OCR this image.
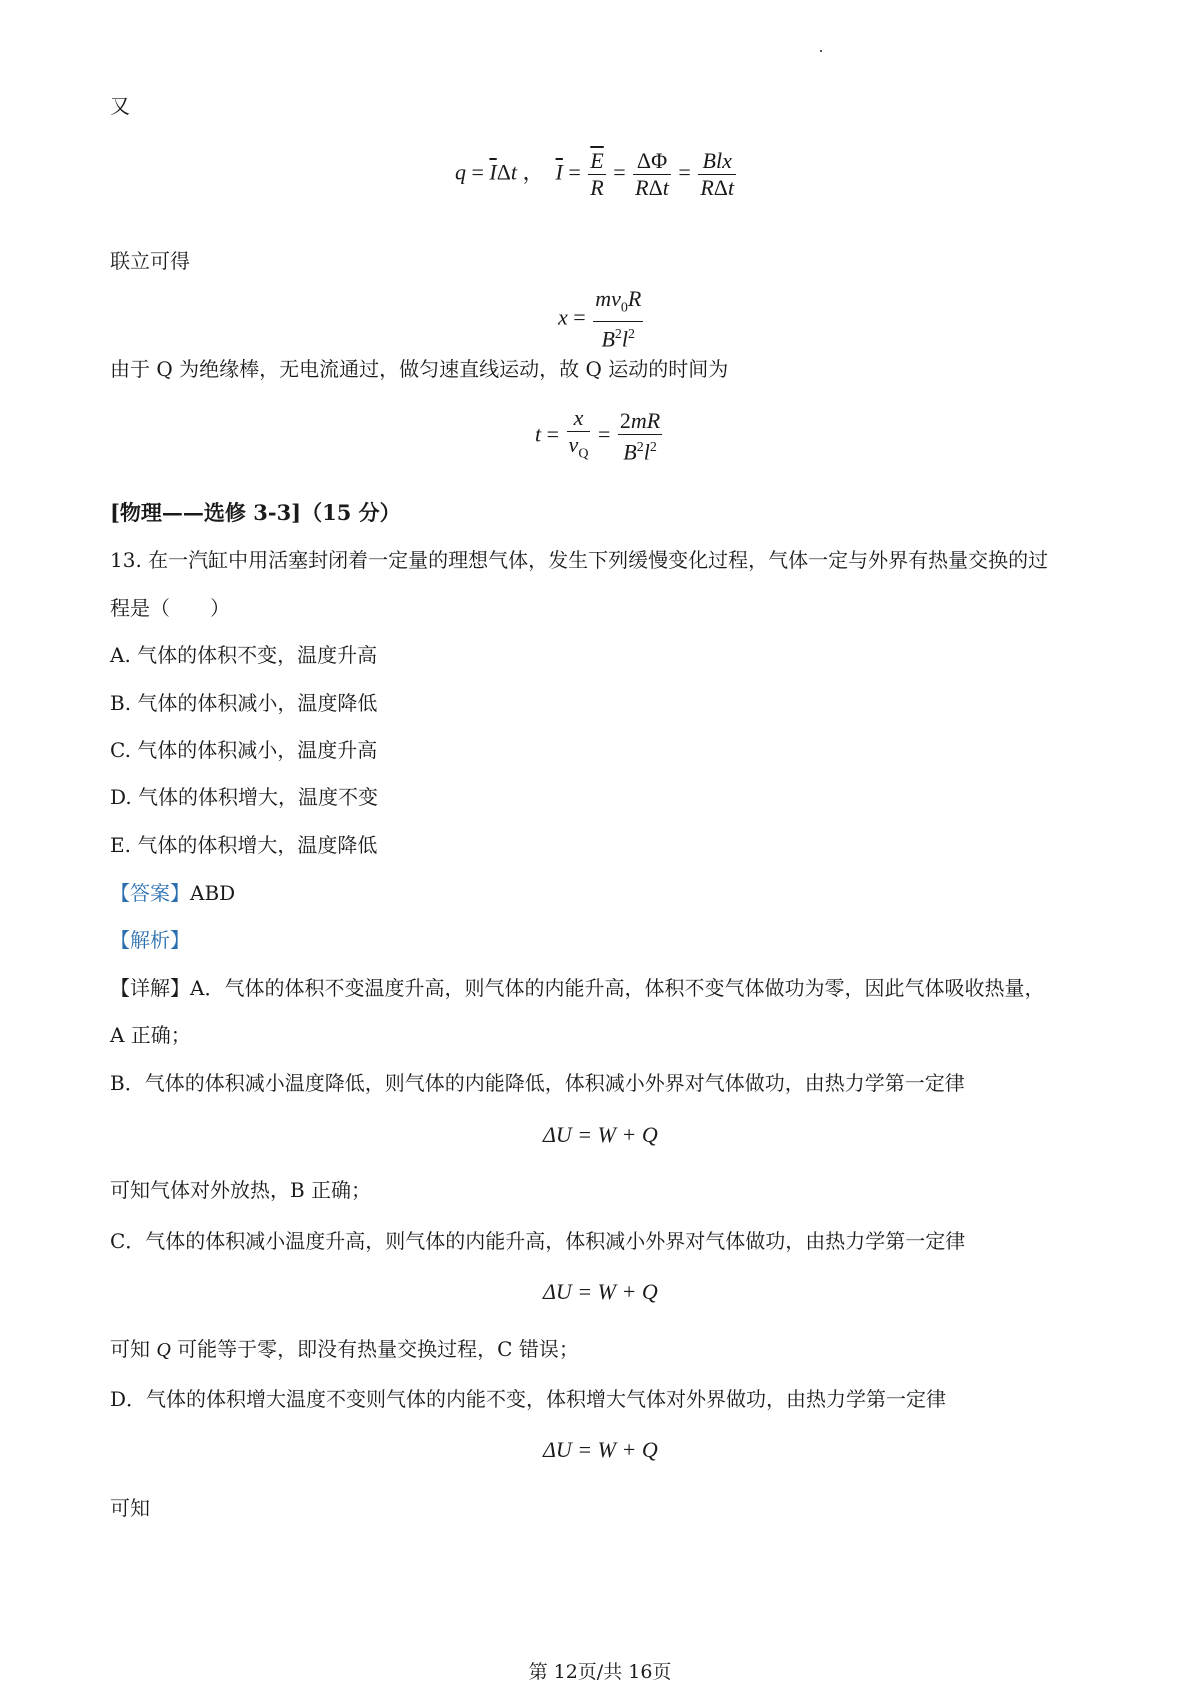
又
$q = \overline{I}\Delta t$ ，  $\overline{I} = \frac{\overline{E}}{R} = \frac{\Delta\Phi}{\text{RΔt}} = \frac{\text{Blx}}{\text{RΔt}}$
联立可得
$x = \frac{mv_0R}{B^2l^2}$
由于 Q 为绝缘棒，无电流通过，做匀速直线运动，故 Q 运动的时间为
$t = \frac{x}{v_Q} = \frac{2mR}{B^2l^2}$
[物理——选修 3-3]（15 分）
13. 在一汽缸中用活塞封闭着一定量的理想气体，发生下列缓慢变化过程，气体一定与外界有热量交换的过
程是（　　）
A. 气体的体积不变，温度升高
B. 气体的体积减小，温度降低
C. 气体的体积减小，温度升高
D. 气体的体积增大，温度不变
E. 气体的体积增大，温度降低
【答案】ABD
【解析】
【详解】A．气体的体积不变温度升高，则气体的内能升高，体积不变气体做功为零，因此气体吸收热量，
A 正确；
B．气体的体积减小温度降低，则气体的内能降低，体积减小外界对气体做功，由热力学第一定律
ΔU = W + Q
可知气体对外放热，B 正确；
C．气体的体积减小温度升高，则气体的内能升高，体积减小外界对气体做功，由热力学第一定律
ΔU = W + Q
可知 Q 可能等于零，即没有热量交换过程，C 错误；
D．气体的体积增大温度不变则气体的内能不变，体积增大气体对外界做功，由热力学第一定律
ΔU = W + Q
可知
第 12页/共 16页
